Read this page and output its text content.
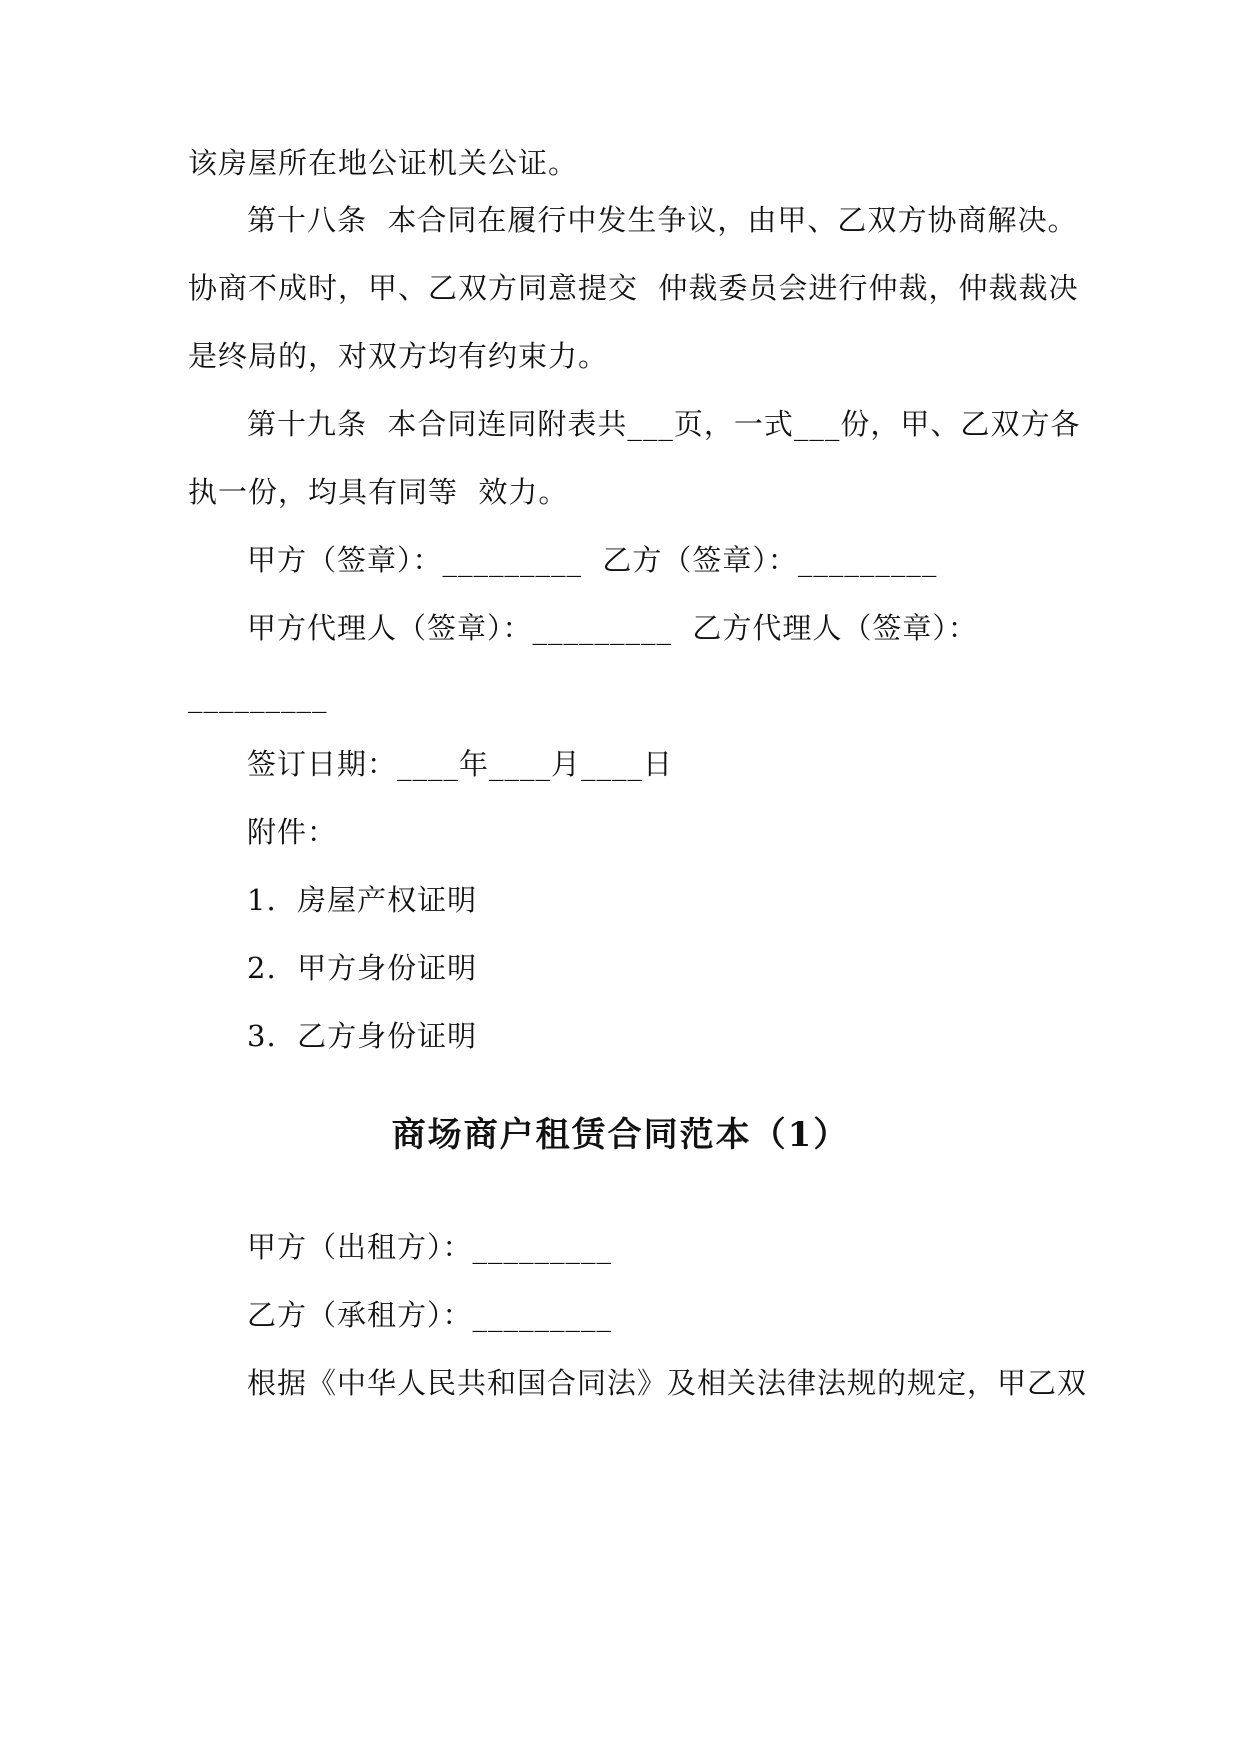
该房屋所在地公证机关公证。
第十八条  本合同在履行中发生争议，由甲、乙双方协商解决。
协商不成时，甲、乙双方同意提交  仲裁委员会进行仲裁，仲裁裁决
是终局的，对双方均有约束力。
第十九条  本合同连同附表共___页，一式___份，甲、乙双方各
执一份，均具有同等  效力。
甲方（签章）：_________  乙方（签章）：_________
甲方代理人（签章）：_________  乙方代理人（签章）：
_________
签订日期：____年____月____日
附件：
1.  房屋产权证明
2.  甲方身份证明
3.  乙方身份证明
商场商户租赁合同范本（1）
甲方（出租方）：_________
乙方（承租方）：_________
根据《中华人民共和国合同法》及相关法律法规的规定，甲乙双
